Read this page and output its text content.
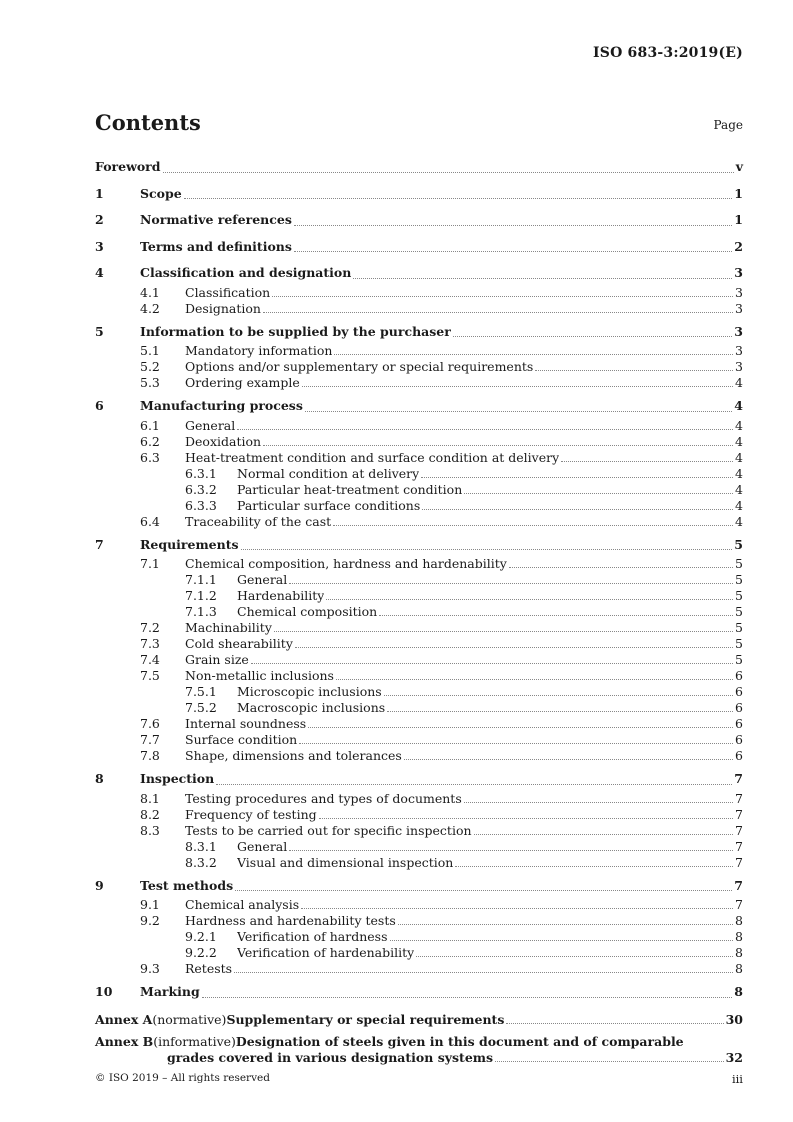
ISO 683-3:2019(E)
Contents	Page
Foreword	v
1	Scope	1
2	Normative references	1
3	Terms and definitions	2
4	Classification and designation	3
4.1	Classification	3
4.2	Designation	3
5	Information to be supplied by the purchaser	3
5.1	Mandatory information	3
5.2	Options and/or supplementary or special requirements	3
5.3	Ordering example	4
6	Manufacturing process	4
6.1	General	4
6.2	Deoxidation	4
6.3	Heat-treatment condition and surface condition at delivery	4
6.3.1	Normal condition at delivery	4
6.3.2	Particular heat-treatment condition	4
6.3.3	Particular surface conditions	4
6.4	Traceability of the cast	4
7	Requirements	5
7.1	Chemical composition, hardness and hardenability	5
7.1.1	General	5
7.1.2	Hardenability	5
7.1.3	Chemical composition	5
7.2	Machinability	5
7.3	Cold shearability	5
7.4	Grain size	5
7.5	Non-metallic inclusions	6
7.5.1	Microscopic inclusions	6
7.5.2	Macroscopic inclusions	6
7.6	Internal soundness	6
7.7	Surface condition	6
7.8	Shape, dimensions and tolerances	6
8	Inspection	7
8.1	Testing procedures and types of documents	7
8.2	Frequency of testing	7
8.3	Tests to be carried out for specific inspection	7
8.3.1	General	7
8.3.2	Visual and dimensional inspection	7
9	Test methods	7
9.1	Chemical analysis	7
9.2	Hardness and hardenability tests	8
9.2.1	Verification of hardness	8
9.2.2	Verification of hardenability	8
9.3	Retests	8
10	Marking	8
Annex A (normative) Supplementary or special requirements	30
Annex B (informative) Designation of steels given in this document and of comparable
grades covered in various designation systems	32
© ISO 2019 – All rights reserved	iii
